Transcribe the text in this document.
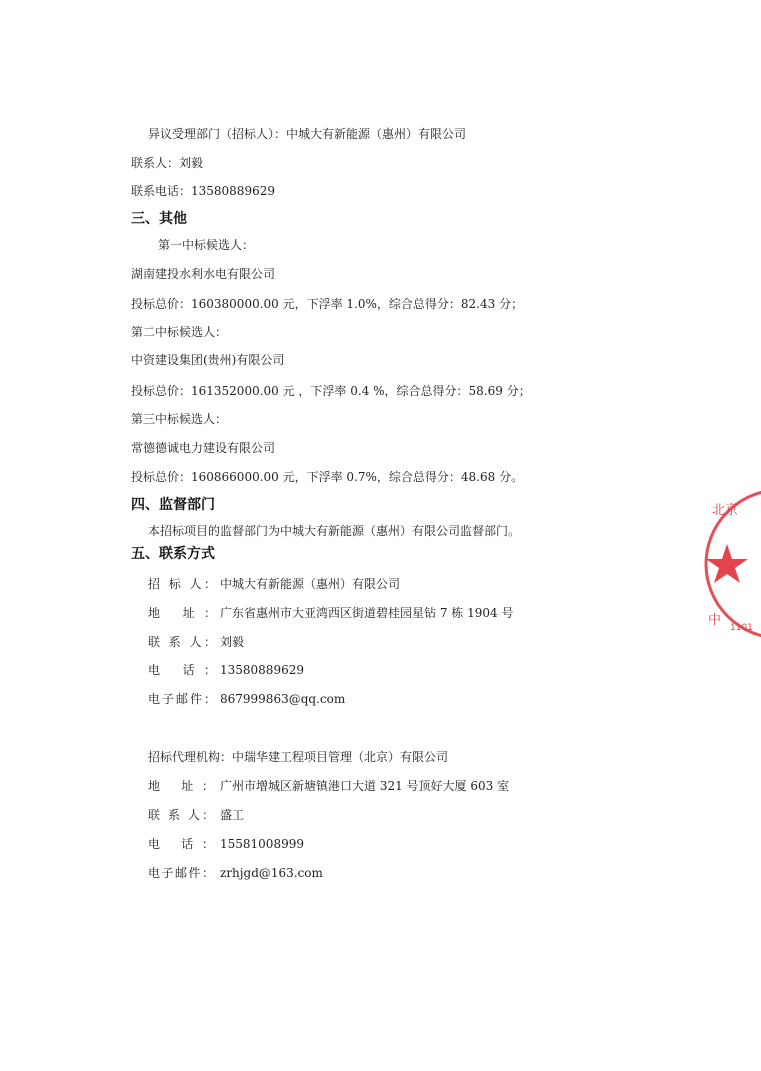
异议受理部门（招标人）：中城大有新能源（惠州）有限公司
联系人：刘毅
联系电话：13580889629
三、其他
第一中标候选人：
湖南建投水利水电有限公司
投标总价：160380000.00 元，下浮率 1.0%，综合总得分：82.43 分；
第二中标候选人：
中资建设集团(贵州)有限公司
投标总价：161352000.00 元 ，下浮率 0.4 %，综合总得分：58.69 分；
第三中标候选人：
常德德诚电力建设有限公司
投标总价：160866000.00 元，下浮率 0.7%，综合总得分：48.68 分。
四、监督部门
本招标项目的监督部门为中城大有新能源（惠州）有限公司监督部门。
五、联系方式
招 标 人： 中城大有新能源（惠州）有限公司
地 址： 广东省惠州市大亚湾西区街道碧桂园星钻 7 栋 1904 号
联 系 人： 刘毅
电 话： 13580889629
电子邮件： 867999863@qq.com
招标代理机构：中瑞华建工程项目管理（北京）有限公司
地 址： 广州市增城区新塘镇港口大道 321 号顶好大厦 603 室
联 系 人： 盛工
电 话： 15581008999
电子邮件： zrhjgd@163.com
北京
中 1101
